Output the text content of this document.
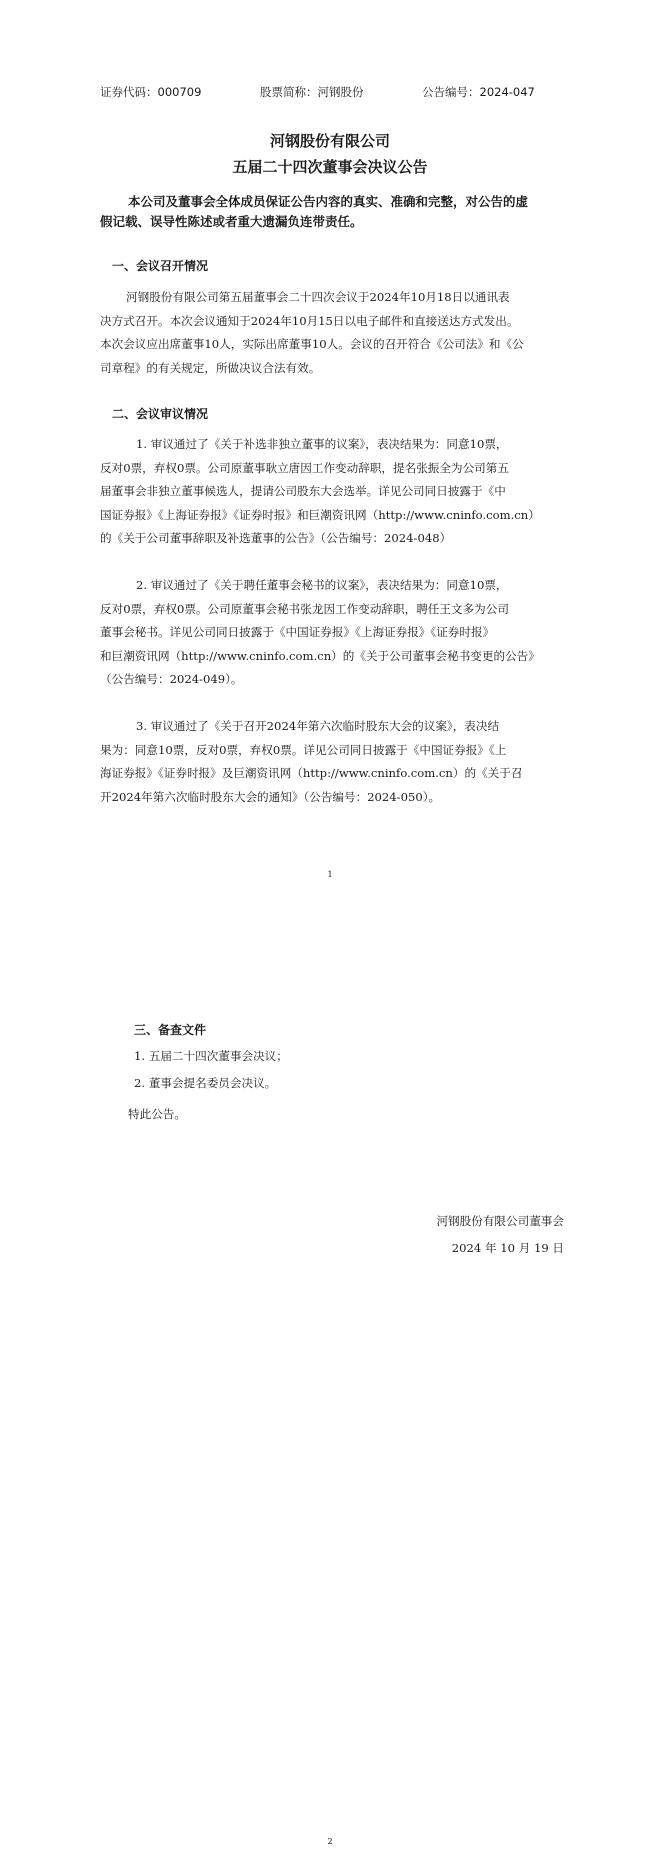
证券代码：000709	股票简称：河钢股份	公告编号：2024-047
河钢股份有限公司
五届二十四次董事会决议公告

本公司及董事会全体成员保证公告内容的真实、准确和完整，对公告的虚

假记载、误导性陈述或者重大遗漏负连带责任。

一、会议召开情况

河钢股份有限公司第五届董事会二十四次会议于2024年10月18日以通讯表

决方式召开。本次会议通知于2024年10月15日以电子邮件和直接送达方式发出。

本次会议应出席董事10人，实际出席董事10人。会议的召开符合《公司法》和《公

司章程》的有关规定，所做决议合法有效。

二、会议审议情况

1. 审议通过了《关于补选非独立董事的议案》，表决结果为：同意10票，

反对0票，弃权0票。公司原董事耿立唐因工作变动辞职，提名张振全为公司第五

届董事会非独立董事候选人，提请公司股东大会选举。详见公司同日披露于《中

国证券报》《上海证券报》《证券时报》和巨潮资讯网（http://www.cninfo.com.cn）

的《关于公司董事辞职及补选董事的公告》（公告编号：2024-048）

2. 审议通过了《关于聘任董事会秘书的议案》，表决结果为：同意10票，

反对0票，弃权0票。公司原董事会秘书张龙因工作变动辞职，聘任王文多为公司

董事会秘书。详见公司同日披露于《中国证券报》《上海证券报》《证券时报》

和巨潮资讯网（http://www.cninfo.com.cn）的《关于公司董事会秘书变更的公告》

（公告编号：2024-049）。

3. 审议通过了《关于召开2024年第六次临时股东大会的议案》，表决结

果为：同意10票，反对0票，弃权0票。详见公司同日披露于《中国证券报》《上

海证券报》《证券时报》及巨潮资讯网（http://www.cninfo.com.cn）的《关于召

开2024年第六次临时股东大会的通知》（公告编号：2024-050）。

1
三、备查文件
1. 五届二十四次董事会决议；
2. 董事会提名委员会决议。
特此公告。
河钢股份有限公司董事会
2024 年 10 月 19 日
2
